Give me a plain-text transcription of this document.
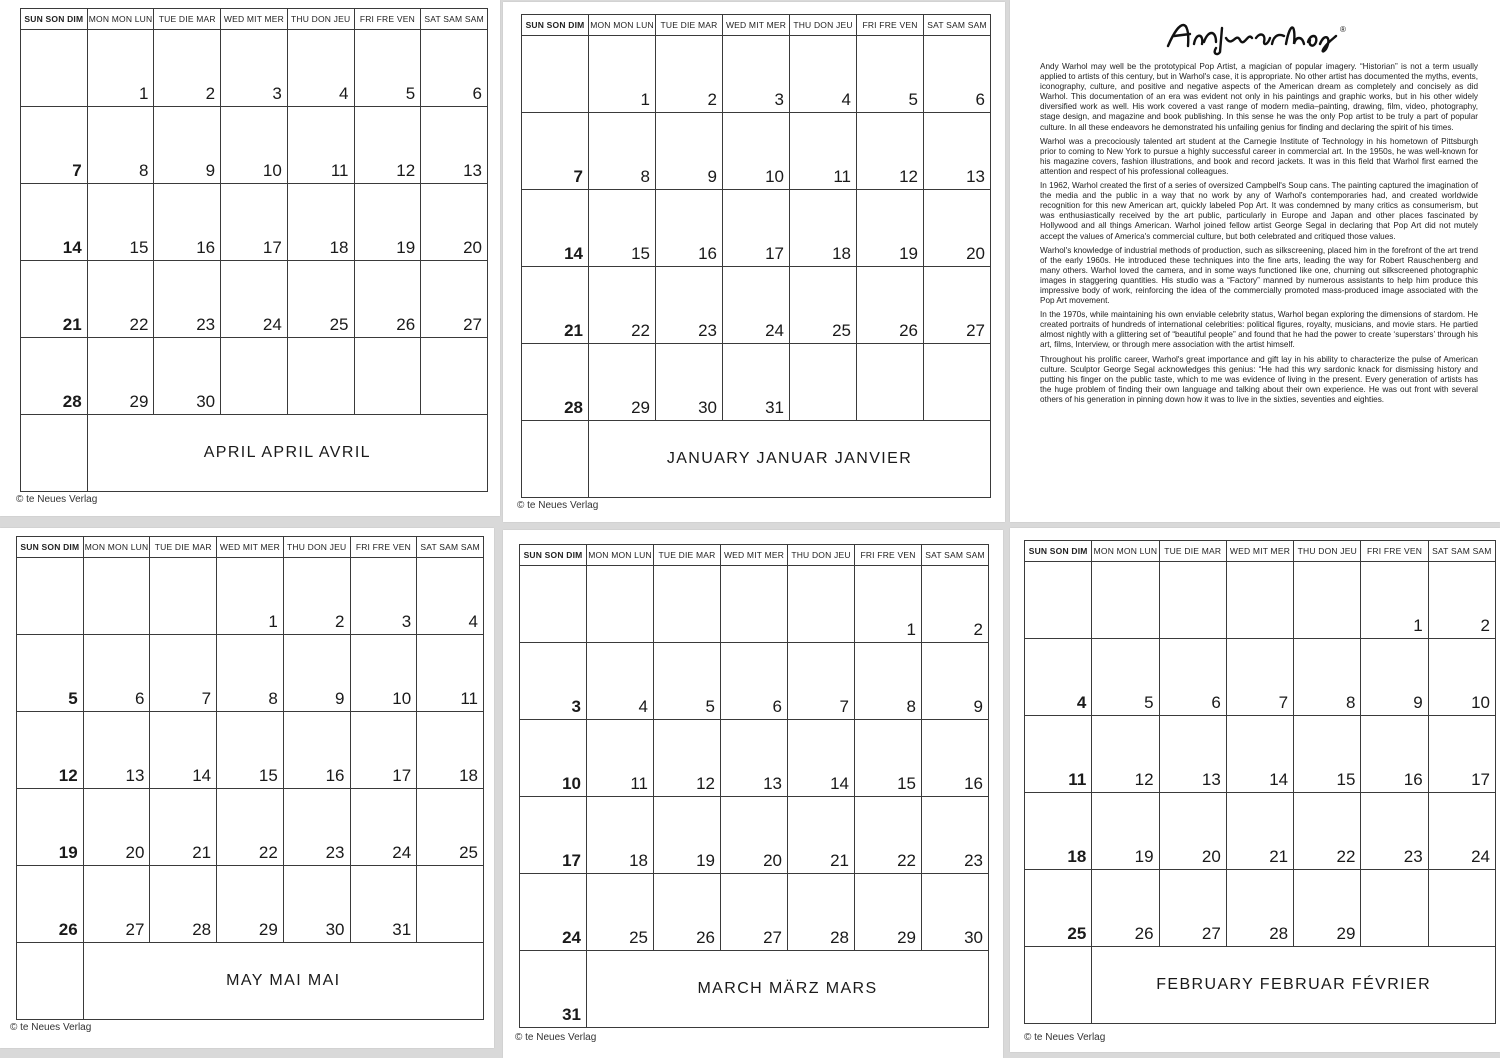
SUN SON DIM	MON MON LUN	TUE DIE MAR	WED MIT MER	THU DON JEU	FRI FRE VEN	SAT SAM SAM

	1	2	3	4	5	6

7	8	9	10	11	12	13

14	15	16	17	18	19	20

21	22	23	24	25	26	27

28	29	30				

	APRIL APRIL AVRIL					
© te Neues Verlag
SUN SON DIM	MON MON LUN	TUE DIE MAR	WED MIT MER	THU DON JEU	FRI FRE VEN	SAT SAM SAM

	1	2	3	4	5	6

7	8	9	10	11	12	13

14	15	16	17	18	19	20

21	22	23	24	25	26	27

28	29	30	31			

	JANUARY JANUAR JANVIER					
© te Neues Verlag
®

Andy Warhol may well be the prototypical Pop Artist, a magician of popular imagery. “Historian” is not a term usually applied to artists of this century, but in Warhol's case, it is appropriate. No other artist has documented the myths, events, iconography, culture, and positive and negative aspects of the American dream as completely and concisely as did Warhol. This documentation of an era was evident not only in his paintings and graphic works, but in his other widely diversified work as well. His work covered a vast range of modern media–painting, drawing, film, video, photography, stage design, and magazine and book publishing. In this sense he was the only Pop artist to be truly a part of popular culture. In all these endeavors he demonstrated his unfailing genius for finding and declaring the spirit of his times.

Warhol was a precociously talented art student at the Carnegie Institute of Technology in his hometown of Pittsburgh prior to coming to New York to pursue a highly successful career in commercial art. In the 1950s, he was well-known for his magazine covers, fashion illustrations, and book and record jackets. It was in this field that Warhol first earned the attention and respect of his professional colleagues.

In 1962, Warhol created the first of a series of oversized Campbell's Soup cans. The painting captured the imagination of the media and the public in a way that no work by any of Warhol's contemporaries had, and created worldwide recognition for this new American art, quickly labeled Pop Art. It was condemned by many critics as consumerism, but was enthusiastically received by the art public, particularly in Europe and Japan and other places fascinated by Hollywood and all things American. Warhol joined fellow artist George Segal in declaring that Pop Art did not mutely accept the values of America's commercial culture, but both celebrated and critiqued those values.

Warhol's knowledge of industrial methods of production, such as silkscreening, placed him in the forefront of the art trend of the early 1960s. He introduced these techniques into the fine arts, leading the way for Robert Rauschenberg and many others. Warhol loved the camera, and in some ways functioned like one, churning out silkscreened photographic images in staggering quantities. His studio was a “Factory” manned by numerous assistants to help him produce this impressive body of work, reinforcing the idea of the commercially promoted mass-produced image associated with the Pop Art movement.

In the 1970s, while maintaining his own enviable celebrity status, Warhol began exploring the dimensions of stardom. He created portraits of hundreds of international celebrities: political figures, royalty, musicians, and movie stars. He partied almost nightly with a glittering set of “beautiful people” and found that he had the power to create ‘superstars’ through his art, films, Interview, or through mere association with the artist himself.

Throughout his prolific career, Warhol's great importance and gift lay in his ability to characterize the pulse of American culture. Sculptor George Segal acknowledges this genius: “He had this wry sardonic knack for dismissing history and putting his finger on the public taste, which to me was evidence of living in the present. Every generation of artists has the huge problem of finding their own language and talking about their own experience. He was out front with several others of his generation in pinning down how it was to live in the sixties, seventies and eighties.

SUN SON DIM	MON MON LUN	TUE DIE MAR	WED MIT MER	THU DON JEU	FRI FRE VEN	SAT SAM SAM

			1	2	3	4

5	6	7	8	9	10	11

12	13	14	15	16	17	18

19	20	21	22	23	24	25

26	27	28	29	30	31	

	MAY MAI MAI					
© te Neues Verlag
SUN SON DIM	MON MON LUN	TUE DIE MAR	WED MIT MER	THU DON JEU	FRI FRE VEN	SAT SAM SAM

					1	2

3	4	5	6	7	8	9

10	11	12	13	14	15	16

17	18	19	20	21	22	23

24	25	26	27	28	29	30

31	MARCH MÄRZ MARS					
© te Neues Verlag
SUN SON DIM	MON MON LUN	TUE DIE MAR	WED MIT MER	THU DON JEU	FRI FRE VEN	SAT SAM SAM

					1	2

4	5	6	7	8	9	10

11	12	13	14	15	16	17

18	19	20	21	22	23	24

25	26	27	28	29		

	FEBRUARY FEBRUAR FÉVRIER					
© te Neues Verlag
